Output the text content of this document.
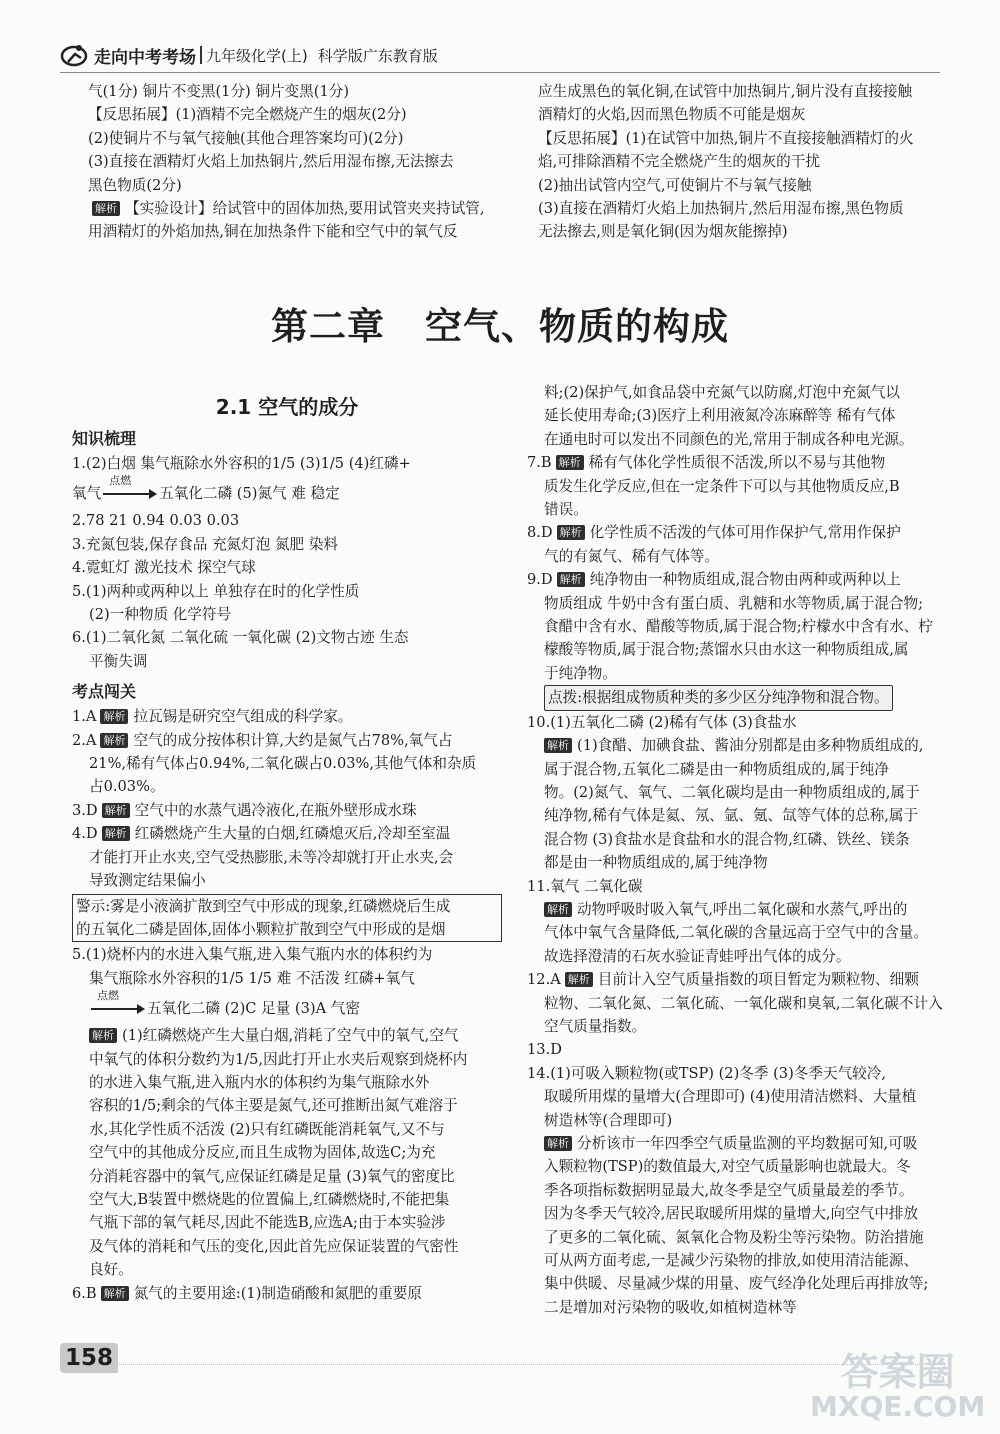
走向中考考场 九年级化学(上) 科学版广东教育版

气(1分) 铜片不变黑(1分) 铜片变黑(1分)

【反思拓展】(1)酒精不完全燃烧产生的烟灰(2分)

(2)使铜片不与氧气接触(其他合理答案均可)(2分)

(3)直接在酒精灯火焰上加热铜片,然后用湿布擦,无法擦去

黑色物质(2分)

解析 【实验设计】给试管中的固体加热,要用试管夹夹持试管,

用酒精灯的外焰加热,铜在加热条件下能和空气中的氧气反

应生成黑色的氧化铜,在试管中加热铜片,铜片没有直接接触

酒精灯的火焰,因而黑色物质不可能是烟灰

【反思拓展】(1)在试管中加热,铜片不直接接触酒精灯的火

焰,可排除酒精不完全燃烧产生的烟灰的干扰

(2)抽出试管内空气,可使铜片不与氧气接触

(3)直接在酒精灯火焰上加热铜片,然后用湿布擦,黑色物质

无法擦去,则是氧化铜(因为烟灰能擦掉)

第二章 空气、物质的构成
2.1 空气的成分
知识梳理

1.(2)白烟 集气瓶除水外容积的1/5 (3)1/5 (4)红磷+

氧气
点燃
五氧化二磷 (5)氮气 难 稳定

2.78 21 0.94 0.03 0.03

3.充氮包装,保存食品 充氮灯泡 氮肥 染料

4.霓虹灯 激光技术 探空气球

5.(1)两种或两种以上 单独存在时的化学性质

(2)一种物质 化学符号

6.(1)二氧化氮 二氧化硫 一氧化碳 (2)文物古迹 生态

平衡失调

考点闯关

1.A 解析 拉瓦锡是研究空气组成的科学家。

2.A 解析 空气的成分按体积计算,大约是氮气占78%,氧气占

21%,稀有气体占0.94%,二氧化碳占0.03%,其他气体和杂质

占0.03%。

3.D 解析 空气中的水蒸气遇冷液化,在瓶外壁形成水珠

4.D 解析 红磷燃烧产生大量的白烟,红磷熄灭后,冷却至室温

才能打开止水夹,空气受热膨胀,未等冷却就打开止水夹,会

导致测定结果偏小

警示:雾是小液滴扩散到空气中形成的现象,红磷燃烧后生成

的五氧化二磷是固体,固体小颗粒扩散到空气中形成的是烟

5.(1)烧杯内的水进入集气瓶,进入集气瓶内水的体积约为

集气瓶除水外容积的1/5 1/5 难 不活泼 红磷+氧气

点燃
五氧化二磷 (2)C 足量 (3)A 气密

解析 (1)红磷燃烧产生大量白烟,消耗了空气中的氧气,空气

中氧气的体积分数约为1/5,因此打开止水夹后观察到烧杯内

的水进入集气瓶,进入瓶内水的体积约为集气瓶除水外

容积的1/5;剩余的气体主要是氮气,还可推断出氮气难溶于

水,其化学性质不活泼 (2)只有红磷既能消耗氧气,又不与

空气中的其他成分反应,而且生成物为固体,故选C;为充

分消耗容器中的氧气,应保证红磷是足量 (3)氧气的密度比

空气大,B装置中燃烧匙的位置偏上,红磷燃烧时,不能把集

气瓶下部的氧气耗尽,因此不能选B,应选A;由于本实验涉

及气体的消耗和气压的变化,因此首先应保证装置的气密性

良好。

6.B 解析 氮气的主要用途:(1)制造硝酸和氮肥的重要原

料;(2)保护气,如食品袋中充氮气以防腐,灯泡中充氮气以

延长使用寿命;(3)医疗上利用液氮冷冻麻醉等 稀有气体

在通电时可以发出不同颜色的光,常用于制成各种电光源。

7.B 解析 稀有气体化学性质很不活泼,所以不易与其他物

质发生化学反应,但在一定条件下可以与其他物质反应,B

错误。

8.D 解析 化学性质不活泼的气体可用作保护气,常用作保护

气的有氮气、稀有气体等。

9.D 解析 纯净物由一种物质组成,混合物由两种或两种以上

物质组成 牛奶中含有蛋白质、乳糖和水等物质,属于混合物;

食醋中含有水、醋酸等物质,属于混合物;柠檬水中含有水、柠

檬酸等物质,属于混合物;蒸馏水只由水这一种物质组成,属

于纯净物。

点拨:根据组成物质种类的多少区分纯净物和混合物。

10.(1)五氧化二磷 (2)稀有气体 (3)食盐水

解析 (1)食醋、加碘食盐、酱油分别都是由多种物质组成的,

属于混合物,五氧化二磷是由一种物质组成的,属于纯净

物。(2)氮气、氧气、二氧化碳均是由一种物质组成的,属于

纯净物,稀有气体是氦、氖、氩、氪、氙等气体的总称,属于

混合物 (3)食盐水是食盐和水的混合物,红磷、铁丝、镁条

都是由一种物质组成的,属于纯净物

11.氧气 二氧化碳

解析 动物呼吸时吸入氧气,呼出二氧化碳和水蒸气,呼出的

气体中氧气含量降低,二氧化碳的含量远高于空气中的含量。

故选择澄清的石灰水验证青蛙呼出气体的成分。

12.A 解析 目前计入空气质量指数的项目暂定为颗粒物、细颗

粒物、二氧化氮、二氧化硫、一氧化碳和臭氧,二氧化碳不计入

空气质量指数。

13.D

14.(1)可吸入颗粒物(或TSP) (2)冬季 (3)冬季天气较冷,

取暖所用煤的量增大(合理即可) (4)使用清洁燃料、大量植

树造林等(合理即可)

解析 分析该市一年四季空气质量监测的平均数据可知,可吸

入颗粒物(TSP)的数值最大,对空气质量影响也就最大。冬

季各项指标数据明显最大,故冬季是空气质量最差的季节。

因为冬季天气较冷,居民取暖所用煤的量增大,向空气中排放

了更多的二氧化硫、氮氧化合物及粉尘等污染物。防治措施

可从两方面考虑,一是减少污染物的排放,如使用清洁能源、

集中供暖、尽量减少煤的用量、废气经净化处理后再排放等;

二是增加对污染物的吸收,如植树造林等

158	答案圈
MXQE.COM
